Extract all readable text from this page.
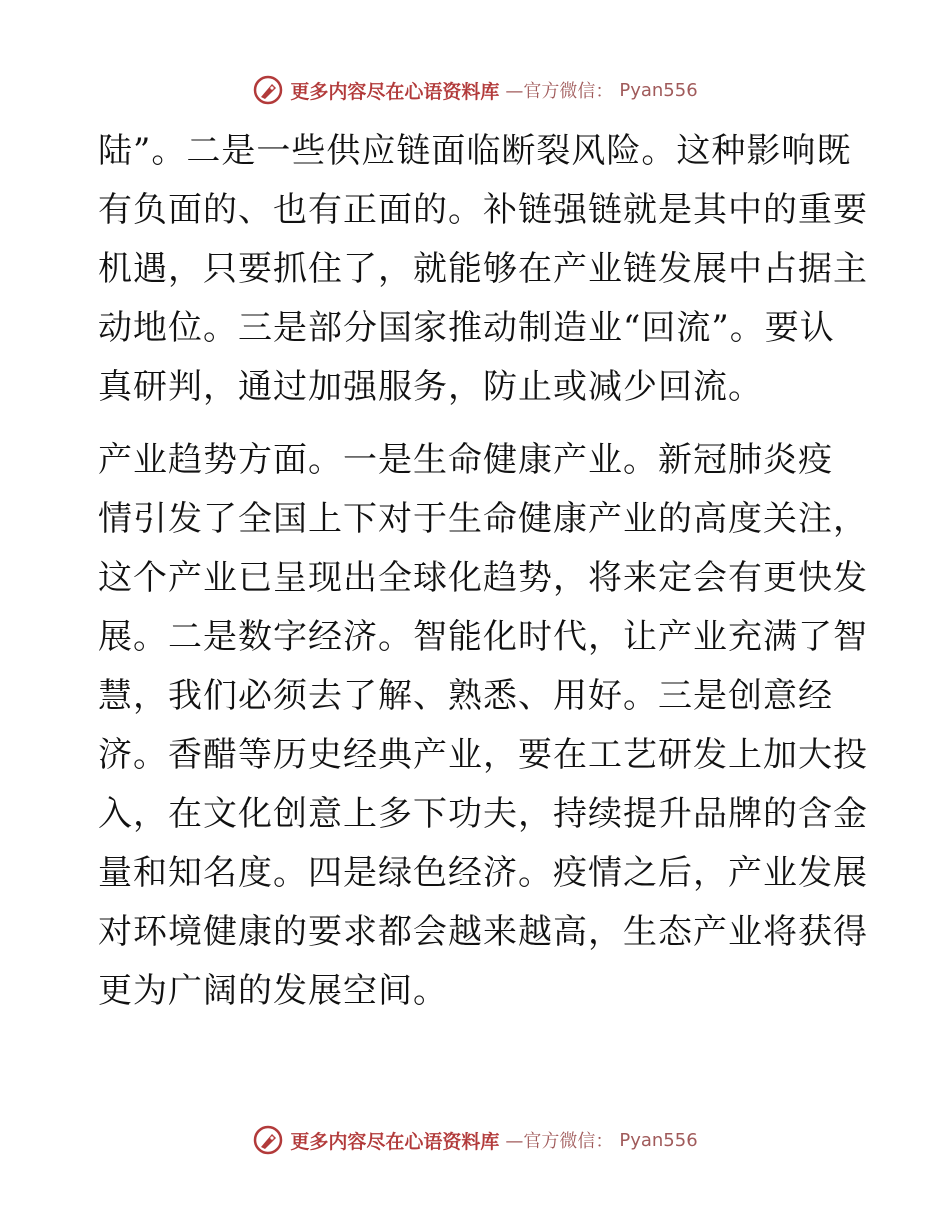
更多内容尽在心语资料库 —官方微信： Pyan556
陆”。二是一些供应链面临断裂风险。这种影响既
有负面的、也有正面的。补链强链就是其中的重要
机遇，只要抓住了，就能够在产业链发展中占据主
动地位。三是部分国家推动制造业“回流”。要认
真研判，通过加强服务，防止或减少回流。
产业趋势方面。一是生命健康产业。新冠肺炎疫
情引发了全国上下对于生命健康产业的高度关注，
这个产业已呈现出全球化趋势，将来定会有更快发
展。二是数字经济。智能化时代，让产业充满了智
慧，我们必须去了解、熟悉、用好。三是创意经
济。香醋等历史经典产业，要在工艺研发上加大投
入，在文化创意上多下功夫，持续提升品牌的含金
量和知名度。四是绿色经济。疫情之后，产业发展
对环境健康的要求都会越来越高，生态产业将获得
更为广阔的发展空间。
更多内容尽在心语资料库 —官方微信： Pyan556
